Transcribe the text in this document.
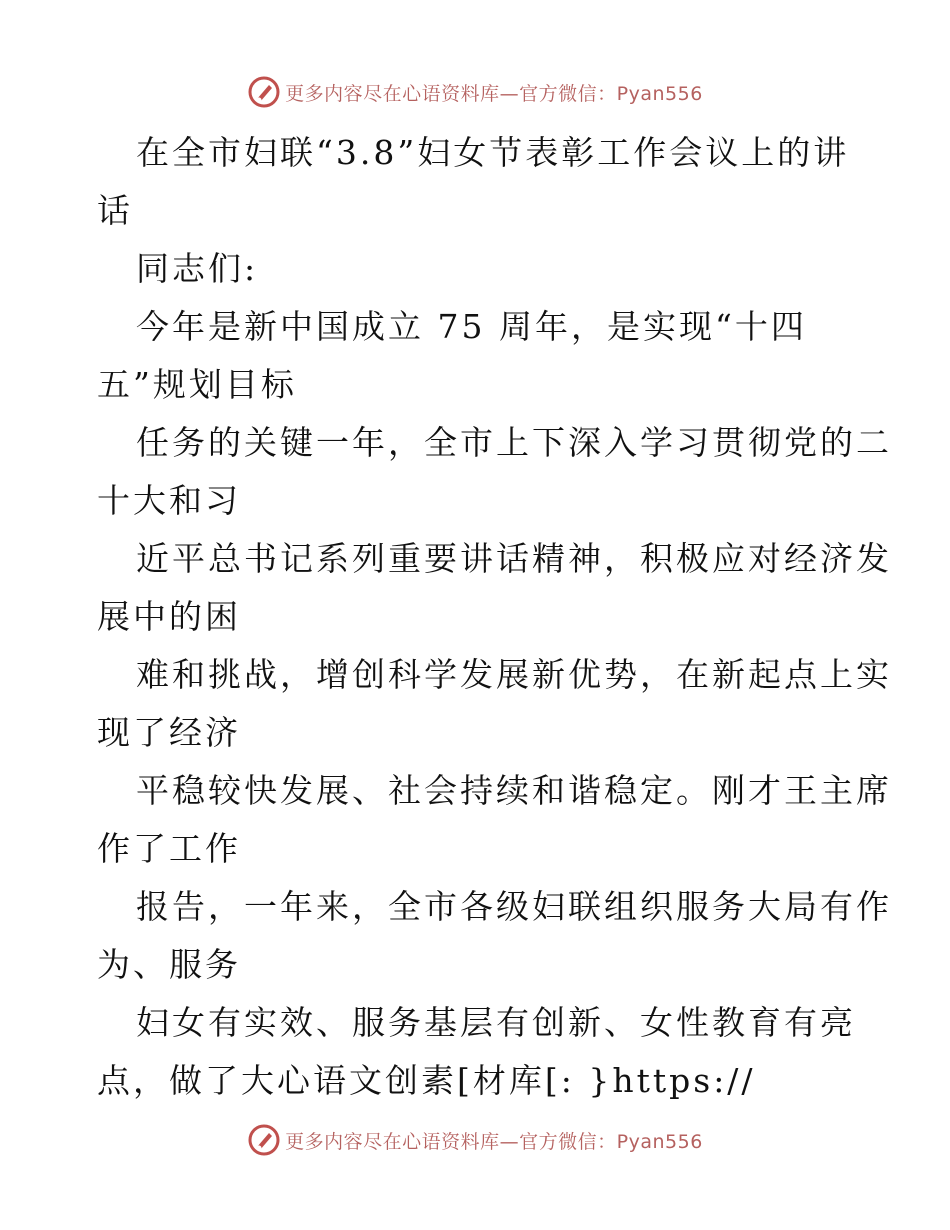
更多内容尽在心语资料库—官方微信：Pyan556
在全市妇联“3.8”妇女节表彰工作会议上的讲
话
同志们:
今年是新中国成立 75 周年，是实现“十四
五”规划目标
任务的关键一年，全市上下深入学习贯彻党的二
十大和习
近平总书记系列重要讲话精神，积极应对经济发
展中的困
难和挑战，增创科学发展新优势，在新起点上实
现了经济
平稳较快发展、社会持续和谐稳定。刚才王主席
作了工作
报告，一年来，全市各级妇联组织服务大局有作
为、服务
妇女有实效、服务基层有创新、女性教育有亮
点，做了大心语文创素[材库[: }https://
更多内容尽在心语资料库—官方微信：Pyan556
